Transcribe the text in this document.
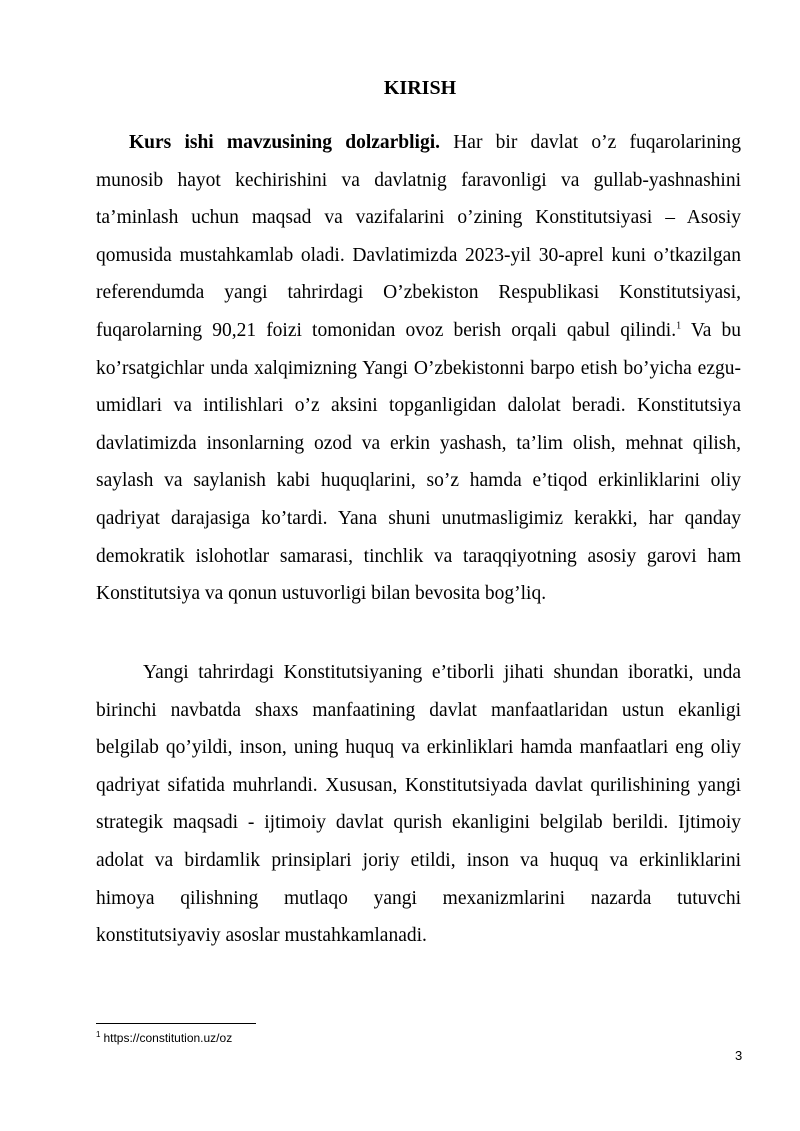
KIRISH

Kurs ishi mavzusining dolzarbligi. Har bir davlat o’z fuqarolarining munosib hayot kechirishini va davlatnig faravonligi va gullab-yashnashini ta’minlash uchun maqsad va vazifalarini o’zining Konstitutsiyasi – Asosiy qomusida mustahkamlab oladi. Davlatimizda 2023-yil 30-aprel kuni o’tkazilgan referendumda yangi tahrirdagi O’zbekiston Respublikasi Konstitutsiyasi, fuqarolarning 90,21 foizi tomonidan ovoz berish orqali qabul qilindi.$^1$ Va bu ko’rsatgichlar unda xalqimizning Yangi O’zbekistonni barpo etish bo’yicha ezgu-umidlari va intilishlari o’z aksini topganligidan dalolat beradi. Konstitutsiya davlatimizda insonlarning ozod va erkin yashash, ta’lim olish, mehnat qilish, saylash va saylanish kabi huquqlarini, so’z hamda e’tiqod erkinliklarini oliy qadriyat darajasiga ko’tardi. Yana shuni unutmasligimiz kerakki, har qanday demokratik islohotlar samarasi, tinchlik va taraqqiyotning asosiy garovi ham Konstitutsiya va qonun ustuvorligi bilan bevosita bog’liq.

Yangi tahrirdagi Konstitutsiyaning e’tiborli jihati shundan iboratki, unda birinchi navbatda shaxs manfaatining davlat manfaatlaridan ustun ekanligi belgilab qo’yildi, inson, uning huquq va erkinliklari hamda manfaatlari eng oliy qadriyat sifatida muhrlandi. Xususan, Konstitutsiyada davlat qurilishining yangi strategik maqsadi - ijtimoiy davlat qurish ekanligini belgilab berildi. Ijtimoiy adolat va birdamlik prinsiplari joriy etildi, inson va huquq va erkinliklarini himoya qilishning mutlaqo yangi mexanizmlarini nazarda tutuvchi konstitutsiyaviy asoslar mustahkamlanadi.

$^1$ https://constitution.uz/oz
3
